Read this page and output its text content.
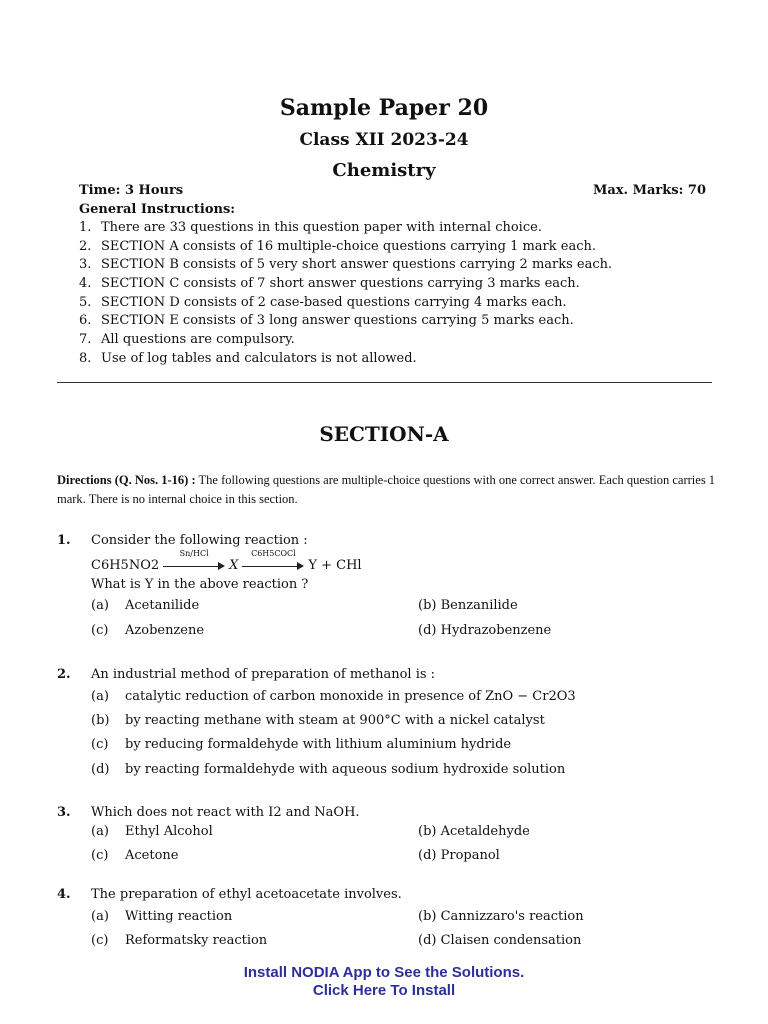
Sample Paper 20
Class XII 2023-24
Chemistry
Time: 3 Hours	Max. Marks: 70
General Instructions:
1. There are 33 questions in this question paper with internal choice.
2. SECTION A consists of 16 multiple-choice questions carrying 1 mark each.
3. SECTION B consists of 5 very short answer questions carrying 2 marks each.
4. SECTION C consists of 7 short answer questions carrying 3 marks each.
5. SECTION D consists of 2 case-based questions carrying 4 marks each.
6. SECTION E consists of 3 long answer questions carrying 5 marks each.
7. All questions are compulsory.
8. Use of log tables and calculators is not allowed.
SECTION-A
Directions (Q. Nos. 1-16) : The following questions are multiple-choice questions with one correct answer. Each question carries 1 mark. There is no internal choice in this section.
1. Consider the following reaction :
C6H5NO2
Sn/HCl
X
C6H5COCl
Y + CHl
What is Y in the above reaction ?
(a) Acetanilide	(b) Benzanilide
(c) Azobenzene	(d) Hydrazobenzene
2. An industrial method of preparation of methanol is :
(a) catalytic reduction of carbon monoxide in presence of ZnO − Cr2O3
(b) by reacting methane with steam at 900°C with a nickel catalyst
(c) by reducing formaldehyde with lithium aluminium hydride
(d) by reacting formaldehyde with aqueous sodium hydroxide solution
3. Which does not react with I2 and NaOH.
(a) Ethyl Alcohol	(b) Acetaldehyde
(c) Acetone	(d) Propanol
4. The preparation of ethyl acetoacetate involves.
(a) Witting reaction	(b) Cannizzaro's reaction
(c) Reformatsky reaction	(d) Claisen condensation
Install NODIA App to See the Solutions.
Click Here To Install
